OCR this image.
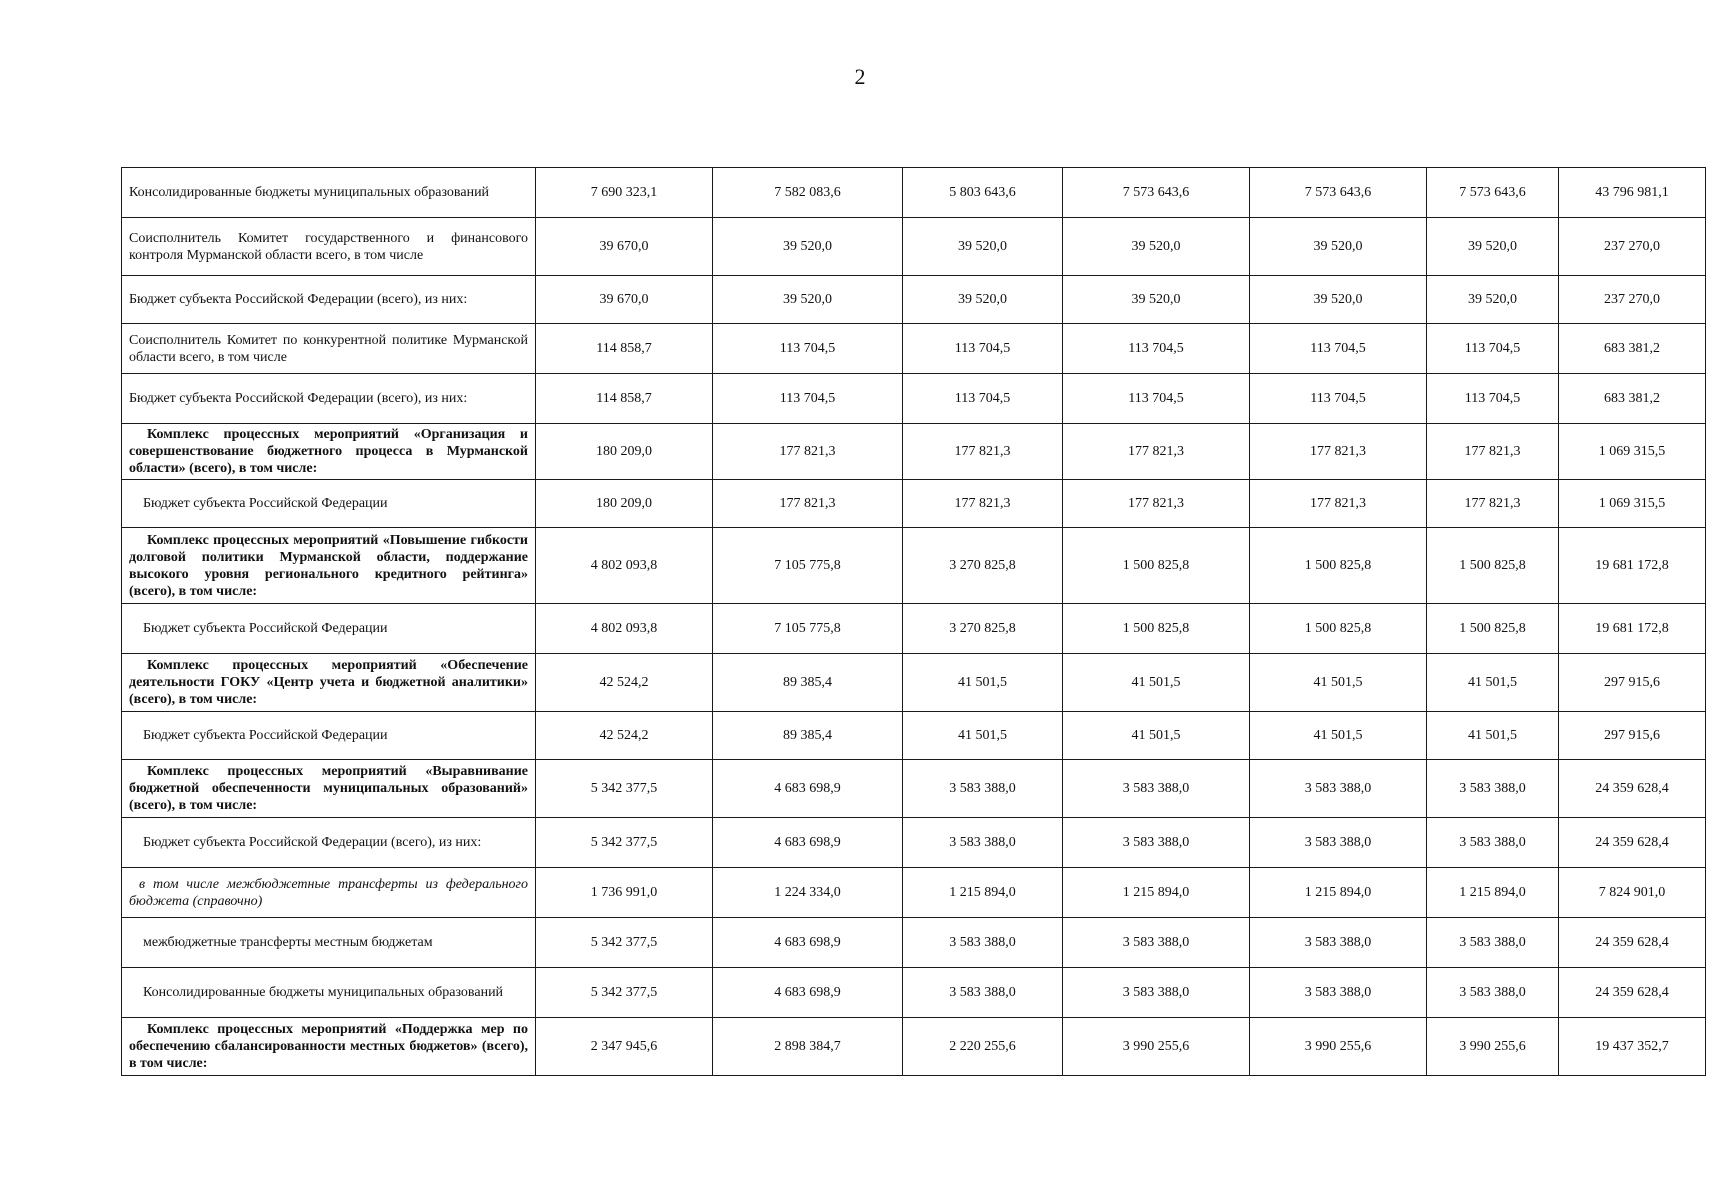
2
Консолидированные бюджеты муниципальных образований	7 690 323,1	7 582 083,6	5 803 643,6	7 573 643,6	7 573 643,6	7 573 643,6	43 796 981,1
Соисполнитель Комитет государственного и финансового контроля Мурманской области всего, в том числе	39 670,0	39 520,0	39 520,0	39 520,0	39 520,0	39 520,0	237 270,0
Бюджет субъекта Российской Федерации (всего), из них:	39 670,0	39 520,0	39 520,0	39 520,0	39 520,0	39 520,0	237 270,0
Соисполнитель Комитет по конкурентной политике Мурманской области всего, в том числе	114 858,7	113 704,5	113 704,5	113 704,5	113 704,5	113 704,5	683 381,2
Бюджет субъекта Российской Федерации (всего), из них:	114 858,7	113 704,5	113 704,5	113 704,5	113 704,5	113 704,5	683 381,2
Комплекс процессных мероприятий «Организация и совершенствование бюджетного процесса в Мурманской области» (всего), в том числе:	180 209,0	177 821,3	177 821,3	177 821,3	177 821,3	177 821,3	1 069 315,5
Бюджет субъекта Российской Федерации	180 209,0	177 821,3	177 821,3	177 821,3	177 821,3	177 821,3	1 069 315,5
Комплекс процессных мероприятий «Повышение гибкости долговой политики Мурманской области, поддержание высокого уровня регионального кредитного рейтинга» (всего), в том числе:	4 802 093,8	7 105 775,8	3 270 825,8	1 500 825,8	1 500 825,8	1 500 825,8	19 681 172,8
Бюджет субъекта Российской Федерации	4 802 093,8	7 105 775,8	3 270 825,8	1 500 825,8	1 500 825,8	1 500 825,8	19 681 172,8
Комплекс процессных мероприятий «Обеспечение деятельности ГОКУ «Центр учета и бюджетной аналитики» (всего), в том числе:	42 524,2	89 385,4	41 501,5	41 501,5	41 501,5	41 501,5	297 915,6
Бюджет субъекта Российской Федерации	42 524,2	89 385,4	41 501,5	41 501,5	41 501,5	41 501,5	297 915,6
Комплекс процессных мероприятий «Выравнивание бюджетной обеспеченности муниципальных образований» (всего), в том числе:	5 342 377,5	4 683 698,9	3 583 388,0	3 583 388,0	3 583 388,0	3 583 388,0	24 359 628,4
Бюджет субъекта Российской Федерации (всего), из них:	5 342 377,5	4 683 698,9	3 583 388,0	3 583 388,0	3 583 388,0	3 583 388,0	24 359 628,4
в том числе межбюджетные трансферты из федерального бюджета (справочно)	1 736 991,0	1 224 334,0	1 215 894,0	1 215 894,0	1 215 894,0	1 215 894,0	7 824 901,0
межбюджетные трансферты местным бюджетам	5 342 377,5	4 683 698,9	3 583 388,0	3 583 388,0	3 583 388,0	3 583 388,0	24 359 628,4
Консолидированные бюджеты муниципальных образований	5 342 377,5	4 683 698,9	3 583 388,0	3 583 388,0	3 583 388,0	3 583 388,0	24 359 628,4
Комплекс процессных мероприятий «Поддержка мер по обеспечению сбалансированности местных бюджетов» (всего), в том числе:	2 347 945,6	2 898 384,7	2 220 255,6	3 990 255,6	3 990 255,6	3 990 255,6	19 437 352,7
